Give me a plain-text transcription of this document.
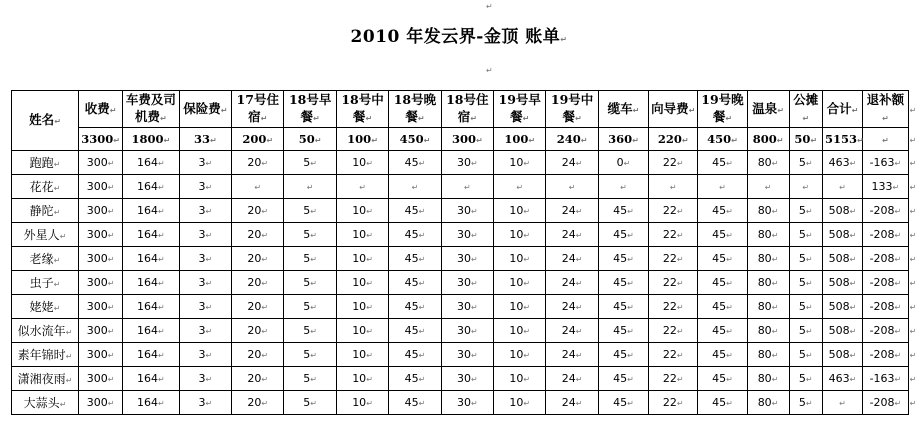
↵
2010 年发云界-金顶 账单↵
↵
姓名↵	收费↵	车费及司机费↵	保险费↵	17号住宿↵	18号早餐↵	18号中餐↵	18号晚餐↵	18号住宿↵	19号早餐↵	19号中餐↵	缆车↵	向导费↵	19号晚餐↵	温泉↵	公摊↵	合计↵	退补额↵	↵
	3300↵	1800↵	33↵	200↵	50↵	100↵	450↵	300↵	100↵	240↵	360↵	220↵	450↵	800↵	50↵	5153↵	↵	↵
跑跑↵	300↵	164↵	3↵	20↵	5↵	10↵	45↵	30↵	10↵	24↵	0↵	22↵	45↵	80↵	5↵	463↵	-163↵	↵
花花↵	300↵	164↵	3↵	↵	↵	↵	↵	↵	↵	↵	↵	↵	↵	↵	↵	↵	133↵	↵
静陀↵	300↵	164↵	3↵	20↵	5↵	10↵	45↵	30↵	10↵	24↵	45↵	22↵	45↵	80↵	5↵	508↵	-208↵	↵
外星人↵	300↵	164↵	3↵	20↵	5↵	10↵	45↵	30↵	10↵	24↵	45↵	22↵	45↵	80↵	5↵	508↵	-208↵	↵
老缘↵	300↵	164↵	3↵	20↵	5↵	10↵	45↵	30↵	10↵	24↵	45↵	22↵	45↵	80↵	5↵	508↵	-208↵	↵
虫子↵	300↵	164↵	3↵	20↵	5↵	10↵	45↵	30↵	10↵	24↵	45↵	22↵	45↵	80↵	5↵	508↵	-208↵	↵
姥姥↵	300↵	164↵	3↵	20↵	5↵	10↵	45↵	30↵	10↵	24↵	45↵	22↵	45↵	80↵	5↵	508↵	-208↵	↵
似水流年↵	300↵	164↵	3↵	20↵	5↵	10↵	45↵	30↵	10↵	24↵	45↵	22↵	45↵	80↵	5↵	508↵	-208↵	↵
素年锦时↵	300↵	164↵	3↵	20↵	5↵	10↵	45↵	30↵	10↵	24↵	45↵	22↵	45↵	80↵	5↵	508↵	-208↵	↵
潇湘夜雨↵	300↵	164↵	3↵	20↵	5↵	10↵	45↵	30↵	10↵	24↵	45↵	22↵	45↵	80↵	5↵	463↵	-163↵	↵
大蒜头↵	300↵	164↵	3↵	20↵	5↵	10↵	45↵	30↵	10↵	24↵	45↵	22↵	45↵	80↵	5↵	↵	-208↵	↵
